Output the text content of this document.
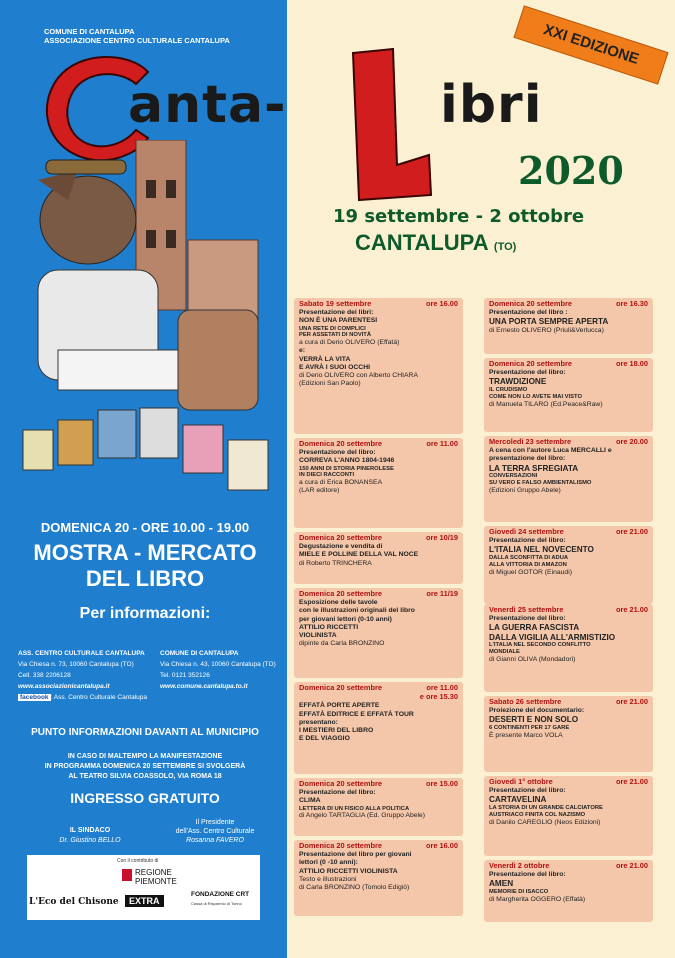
COMUNE DI CANTALUPA
ASSOCIAZIONE CENTRO CULTURALE CANTALUPA
anta-	ibri
XXI EDIZIONE
2020
19 settembre - 2 ottobre
CANTALUPA (TO)
DOMENICA 20 - ORE 10.00 - 19.00
MOSTRA - MERCATO
DEL LIBRO
Per informazioni:
ASS. CENTRO CULTURALE CANTALUPA
Via Chiesa n. 73, 10060 Cantalupa (TO)
Cell. 338 2206128
www.associazionicantalupa.it
facebook : Ass. Centro Culturale Cantalupa
COMUNE DI CANTALUPA
Via Chiesa n. 43, 10060 Cantalupa (TO)
Tel. 0121 352126
www.comune.cantalupa.to.it
PUNTO INFORMAZIONI DAVANTI AL MUNICIPIO
IN CASO DI MALTEMPO LA MANIFESTAZIONE
IN PROGRAMMA DOMENICA 20 SETTEMBRE SI SVOLGERÀ
AL TEATRO SILVIA COASSOLO, VIA ROMA 18
INGRESSO GRATUITO
IL SINDACO
Dr. Giustino BELLO
Il Presidente
dell'Ass. Centro Culturale
Rosanna FAVERO
Con il contributo di
L'Eco del Chisone
REGIONE
PIEMONTE
EXTRA
FONDAZIONE CRT
Cassa di Risparmio di Torino
Sabato 19 settembre	ore 16.00
Presentazione dei libri:
NON È UNA PARENTESI
UNA RETE DI COMPLICI
PER ASSETATI DI NOVITÀ
a cura di Derio OLIVERO (Effatà)
e:
VERRÀ LA VITA
E AVRÀ I SUOI OCCHI
di Derio OLIVERO con Alberto CHIARA
(Edizioni San Paolo)
Domenica 20 settembre	ore 11.00
Presentazione del libro:
CORREVA L'ANNO 1804-1946
150 ANNI DI STORIA PINEROLESE
IN DIECI RACCONTI
a cura di Erica BONANSEA
(LAR editore)
Domenica 20 settembre	ore 10/19
Degustazione e vendita di
MIELE E POLLINE DELLA VAL NOCE
di Roberto TRINCHERA
Domenica 20 settembre	ore 11/19
Esposizione delle tavole
con le illustrazioni originali del libro
per giovani lettori (0-10 anni)
ATTILIO RICCETTI
VIOLINISTA
dipinte da Carla BRONZINO
Domenica 20 settembre	ore 11.00
e ore 15.30
EFFATÀ PORTE APERTE
EFFATÀ EDITRICE E EFFATÀ TOUR
presentano:
I MESTIERI DEL LIBRO
E DEL VIAGGIO
Domenica 20 settembre	ore 15.00
Presentazione del libro:
CLIMA
LETTERA DI UN FISICO ALLA POLITICA
di Angelo TARTAGLIA (Ed. Gruppo Abele)
Domenica 20 settembre	ore 16.00
Presentazione del libro per giovani
lettori (0 -10 anni):
ATTILIO RICCETTI VIOLINISTA
Testo e illustrazioni
di Carla BRONZINO (Tomolo Edigiò)
Domenica 20 settembre	ore 16.30
Presentazione del libro :
UNA PORTA SEMPRE APERTA
di Ernesto OLIVERO (Priuli&Verlucca)
Domenica 20 settembre	ore 18.00
Presentazione del libro:
TRAWDIZIONE
IL CRUDISMO
COME NON LO AVETE MAI VISTO
di Manuela TILARO (Ed.Peace&Raw)
Mercoledì 23 settembre	ore 20.00
A cena con l'autore Luca MERCALLI e
presentazione del libro:
LA TERRA SFREGIATA
CONVERSAZIONI
SU VERO E FALSO AMBIENTALISMO
(Edizioni Gruppo Abele)
Giovedì 24 settembre	ore 21.00
Presentazione del libro:
L'ITALIA NEL NOVECENTO
DALLA SCONFITTA DI ADUA
ALLA VITTORIA DI AMAZON
di Miguel GOTOR (Einaudi)
Venerdì 25 settembre	ore 21.00
Presentazione del libro:
LA GUERRA FASCISTA
DALLA VIGILIA ALL'ARMISTIZIO
L'ITALIA NEL SECONDO CONFLITTO
MONDIALE
di Gianni OLIVA (Mondadori)
Sabato 26 settembre	ore 21.00
Proiezione del documentario:
DESERTI E NON SOLO
6 CONTINENTI PER 17 GARE
È presente Marco VOLA
Giovedì 1° ottobre	ore 21.00
Presentazione del libro:
CARTAVELINA
LA STORIA DI UN GRANDE CALCIATORE
AUSTRIACO FINITA COL NAZISMO
di Danilo CAREGLIO (Neos Edizioni)
Venerdì 2 ottobre	ore 21.00
Presentazione del libro:
AMEN
MEMORIE DI ISACCO
di Margherita OGGERO (Effatà)
